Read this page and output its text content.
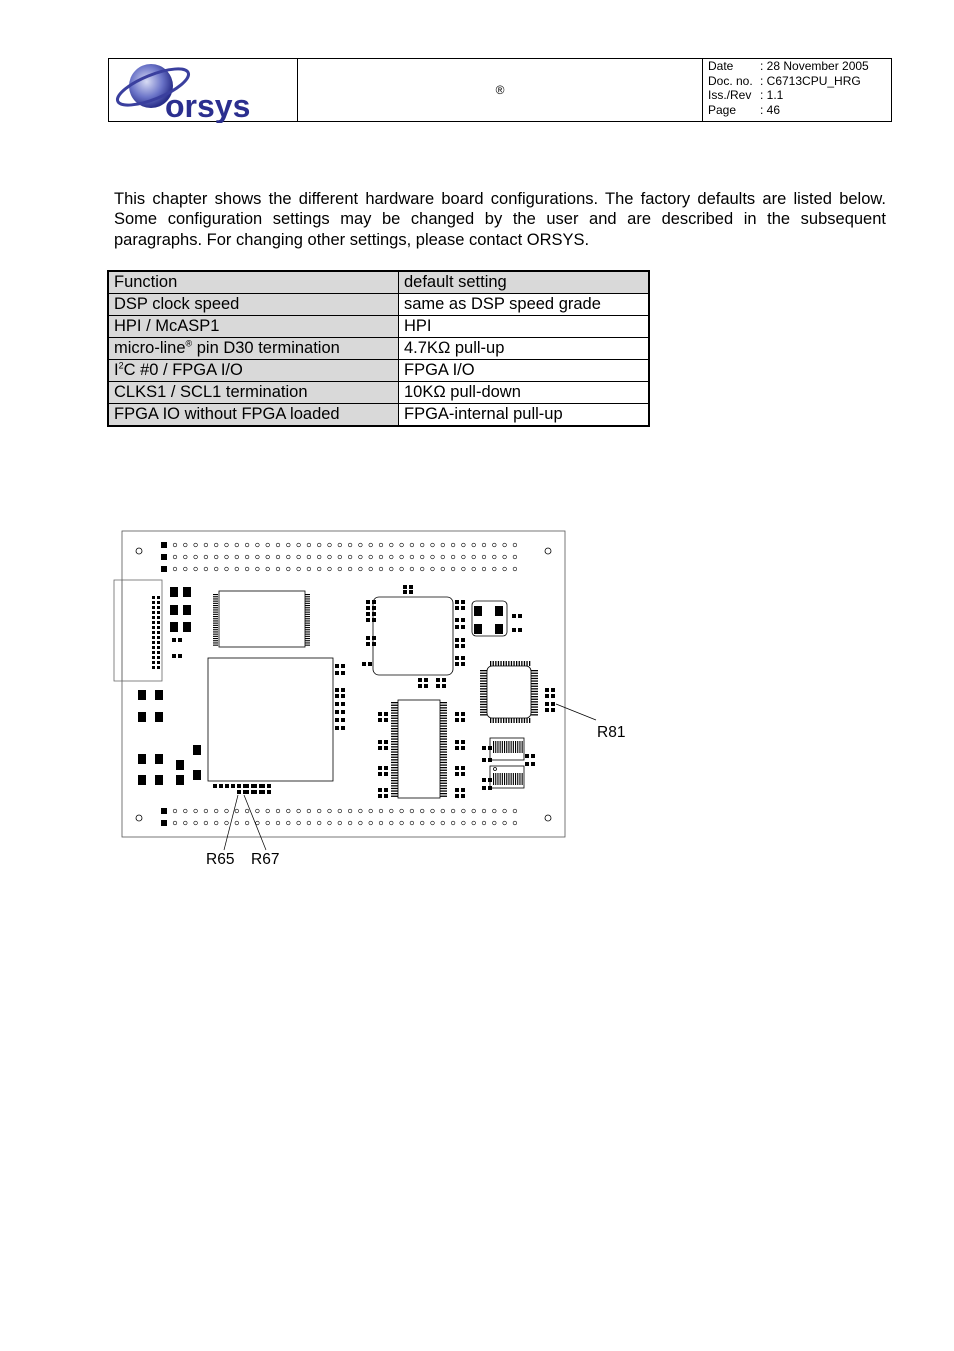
orsys	®
Date	: 28 November 2005
Doc. no. : C6713CPU_HRG
Iss./Rev : 1.1
Page	: 46
This chapter shows the different hardware board configurations. The factory defaults are listed below. Some configuration settings may be changed by the user and are described in the subsequent paragraphs. For changing other settings, please contact ORSYS.
Function	default setting
DSP clock speed	same as DSP speed grade
HPI / McASP1	HPI
micro-line® pin D30 termination	4.7KΩ pull-up
$I^2C$ #0 / FPGA I/O	FPGA I/O
CLKS1 / SCL1 termination	10KΩ pull-down
FPGA IO without FPGA loaded	FPGA-internal pull-up
R81
R65 R67
